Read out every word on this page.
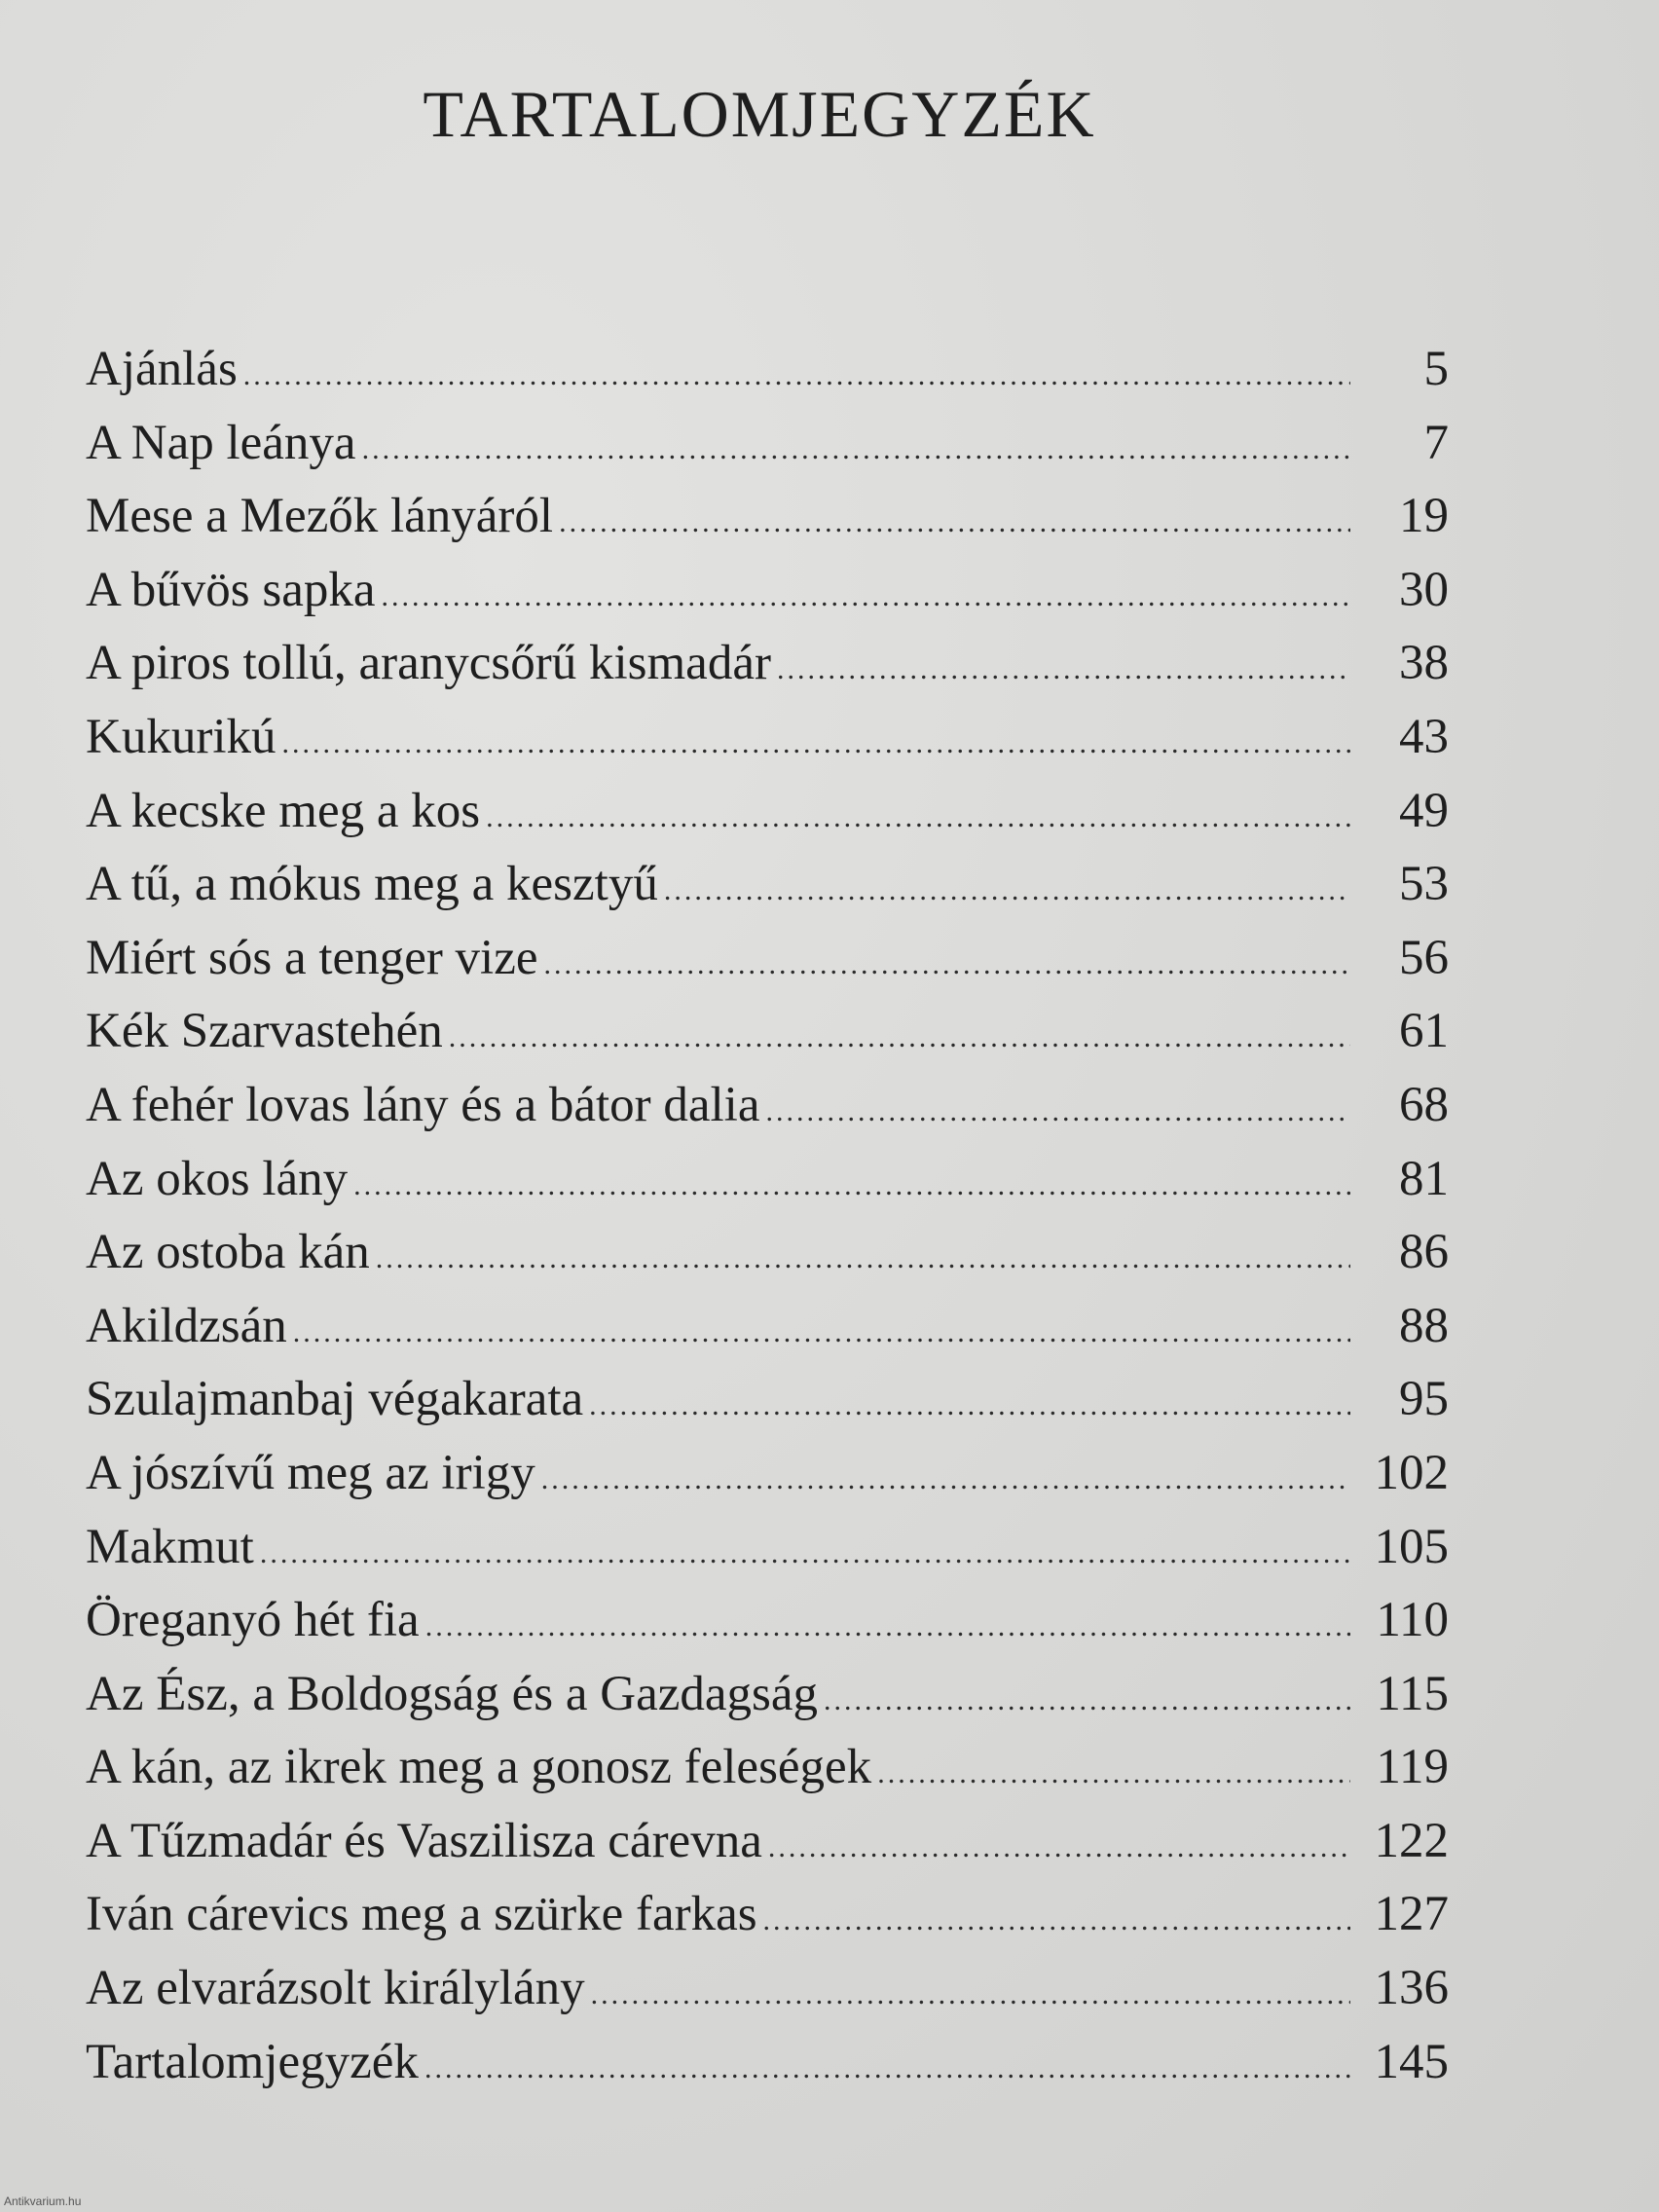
TARTALOMJEGYZÉK
Ajánlás .....	5
A Nap leánya .....	7
Mese a Mezők lányáról .....	19
A bűvös sapka .....	30
A piros tollú, aranycsőrű kismadár .....	38
Kukurikú .....	43
A kecske meg a kos .....	49
A tű, a mókus meg a kesztyű .....	53
Miért sós a tenger vize .....	56
Kék Szarvastehén .....	61
A fehér lovas lány és a bátor dalia .....	68
Az okos lány .....	81
Az ostoba kán .....	86
Akildzsán .....	88
Szulajmanbaj végakarata .....	95
A jószívű meg az irigy .....	102
Makmut .....	105
Öreganyó hét fia .....	110
Az Ész, a Boldogság és a Gazdagság .....	115
A kán, az ikrek meg a gonosz feleségek .....	119
A Tűzmadár és Vaszilisza cárevna .....	122
Iván cárevics meg a szürke farkas .....	127
Az elvarázsolt királylány .....	136
Tartalomjegyzék .....	145
Antikvarium.hu
